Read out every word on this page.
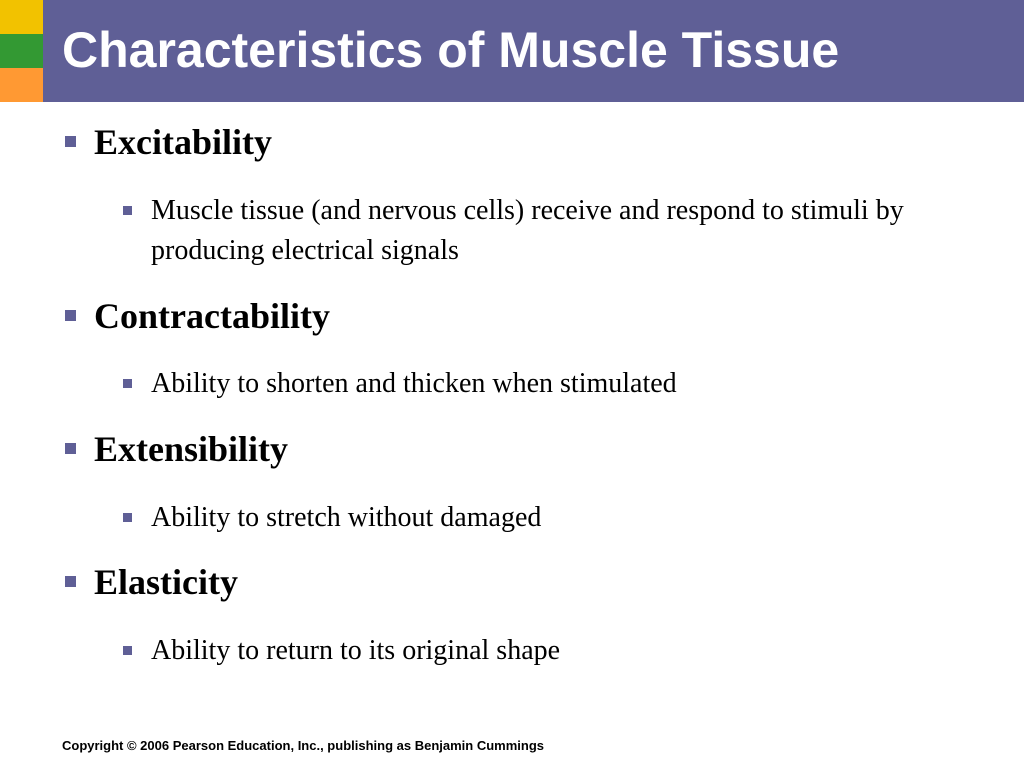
Characteristics of Muscle Tissue
Excitability
Muscle tissue (and nervous cells) receive and respond to stimuli by producing electrical signals
Contractability
Ability to shorten and thicken when stimulated
Extensibility
Ability to stretch without damaged
Elasticity
Ability to return to its original shape
Copyright © 2006 Pearson Education, Inc., publishing as Benjamin Cummings
